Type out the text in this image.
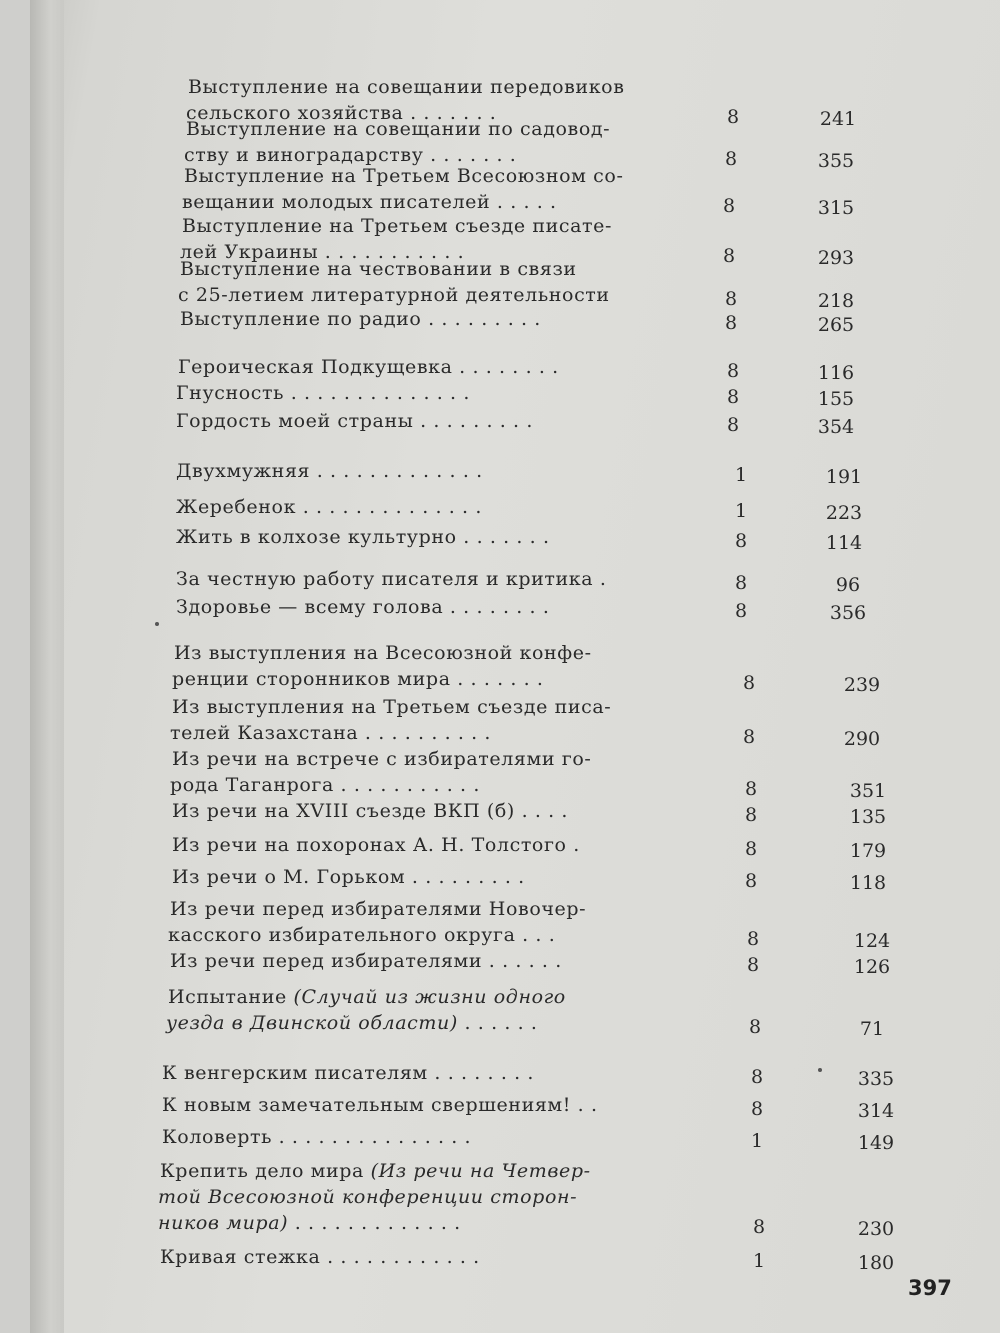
Выступление на совещании передовиков
сельского хозяйства . . . . . . .	8	241
Выступление на совещании по садовод-
ству и виноградарству . . . . . . .	8	355
Выступление на Третьем Всесоюзном со-
вещании молодых писателей . . . . .	8	315
Выступление на Третьем съезде писате-
лей Украины . . . . . . . . . . .	8	293
Выступление на чествовании в связи
с 25-летием литературной деятельности	8	218
Выступление по радио . . . . . . . . .	8	265
Героическая Подкущевка . . . . . . . .	8	116
Гнусность . . . . . . . . . . . . . .	8	155
Гордость моей страны . . . . . . . . .	8	354
Двухмужняя . . . . . . . . . . . . .	1	191
Жеребенок . . . . . . . . . . . . . .	1	223
Жить в колхозе культурно . . . . . . .	8	114
За честную работу писателя и критика .	8	96
Здоровье — всему голова . . . . . . . .	8	356
Из выступления на Всесоюзной конфе-
ренции сторонников мира . . . . . . .	8	239
Из выступления на Третьем съезде писа-
телей Казахстана . . . . . . . . . .	8	290
Из речи на встрече с избирателями го-
рода Таганрога . . . . . . . . . . .	8	351
Из речи на XVIII съезде ВКП (б) . . . .	8	135
Из речи на похоронах А. Н. Толстого .	8	179
Из речи о М. Горьком . . . . . . . . .	8	118
Из речи перед избирателями Новочер-
касского избирательного округа . . .	8	124
Из речи перед избирателями . . . . . .	8	126
Испытание (Случай из жизни одного
уезда в Двинской области) . . . . . .	8	71
К венгерским писателям . . . . . . . .	8	335
К новым замечательным свершениям! . .	8	314
Коловерть . . . . . . . . . . . . . . .	1	149
Крепить дело мира (Из речи на Четвер-
той Всесоюзной конференции сторон-
ников мира) . . . . . . . . . . . . .	8	230
Кривая стежка . . . . . . . . . . . .	1	180
397
